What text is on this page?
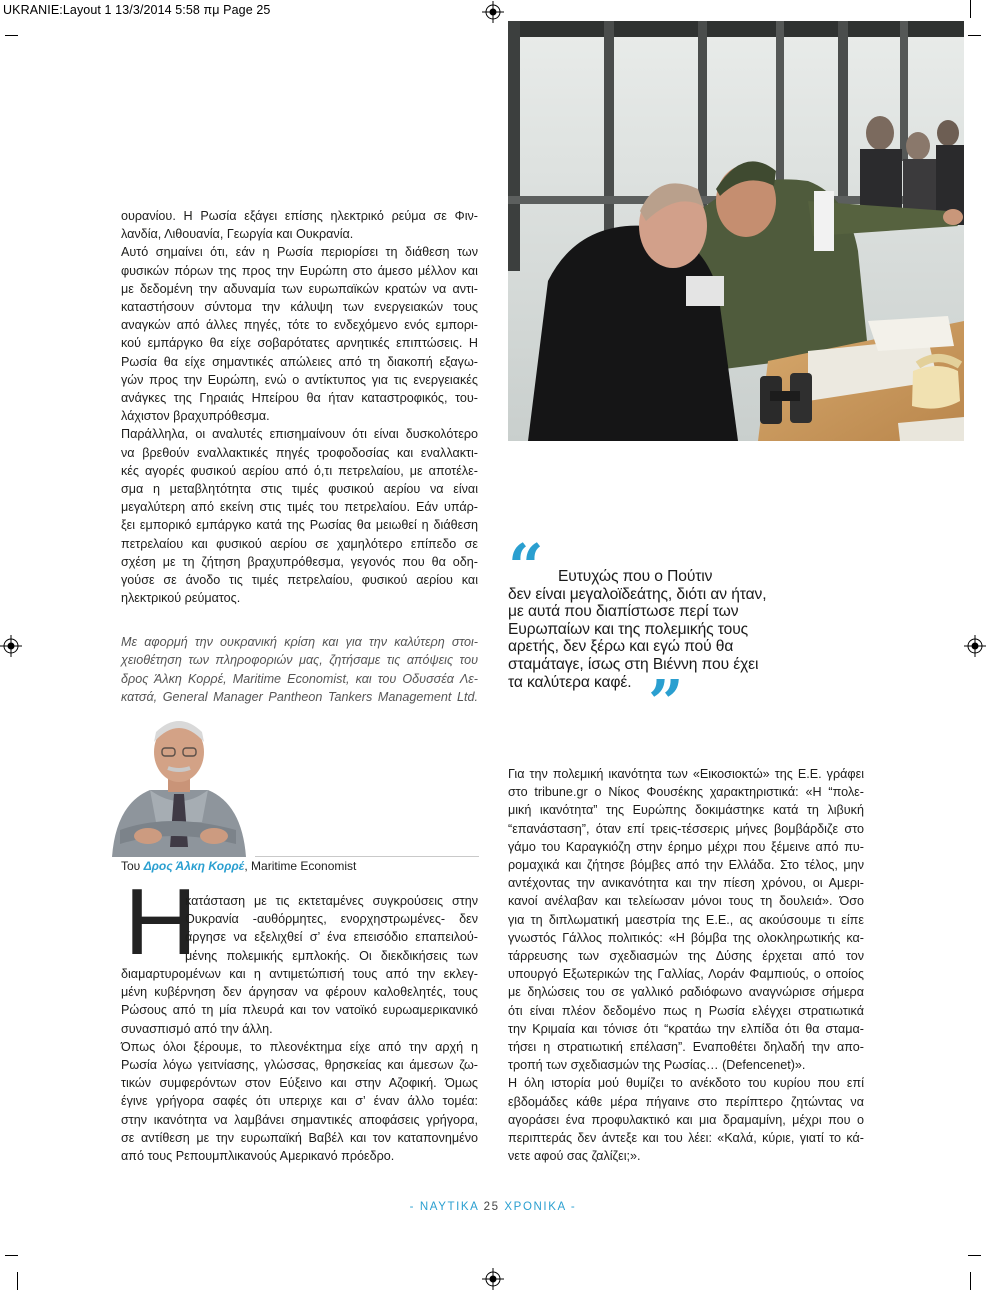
UKRANIE:Layout 1 13/3/2014 5:58 πμ Page 25

ουρανίου. Η Ρωσία εξάγει επίσης ηλεκτρικό ρεύμα σε Φιν-

λανδία, Λιθουανία, Γεωργία και Ουκρανία.

Αυτό σημαίνει ότι, εάν η Ρωσία περιορίσει τη διάθεση των

φυσικών πόρων της προς την Ευρώπη στο άμεσο μέλλον και

με δεδομένη την αδυναμία των ευρωπαϊκών κρατών να αντι-

καταστήσουν σύντομα την κάλυψη των ενεργειακών τους

αναγκών από άλλες πηγές, τότε το ενδεχόμενο ενός εμπορι-

κού εμπάργκο θα είχε σοβαρότατες αρνητικές επιπτώσεις. Η

Ρωσία θα είχε σημαντικές απώλειες από τη διακοπή εξαγω-

γών προς την Ευρώπη, ενώ ο αντίκτυπος για τις ενεργειακές

ανάγκες της Γηραιάς Ηπείρου θα ήταν καταστροφικός, του-

λάχιστον βραχυπρόθεσμα.

Παράλληλα, οι αναλυτές επισημαίνουν ότι είναι δυσκολότερο

να βρεθούν εναλλακτικές πηγές τροφοδοσίας και εναλλακτι-

κές αγορές φυσικού αερίου από ό,τι πετρελαίου, με αποτέλε-

σμα η μεταβλητότητα στις τιμές φυσικού αερίου να είναι

μεγαλύτερη από εκείνη στις τιμές του πετρελαίου. Εάν υπάρ-

ξει εμπορικό εμπάργκο κατά της Ρωσίας θα μειωθεί η διάθεση

πετρελαίου και φυσικού αερίου σε χαμηλότερο επίπεδο σε

σχέση με τη ζήτηση βραχυπρόθεσμα, γεγονός που θα οδη-

γούσε σε άνοδο τις τιμές πετρελαίου, φυσικού αερίου και

ηλεκτρικού ρεύματος.

Με αφορμή την ουκρανική κρίση και για την καλύτερη στοι-
χειοθέτηση των πληροφοριών μας, ζητήσαμε τις απόψεις του
δρος Άλκη Κορρέ, Maritime Economist, και του Οδυσσέα Λε-
κατσά, General Manager Pantheon Tankers Management Ltd.
Του Δρος Άλκη Κορρέ, Maritime Economist
Η

κατάσταση με τις εκτεταμένες συγκρούσεις στην

Ουκρανία -αυθόρμητες, ενορχηστρωμένες- δεν

άργησε να εξελιχθεί σ’ ένα επεισόδιο επαπειλού-

μένης πολεμικής εμπλοκής. Οι διεκδικήσεις των

διαμαρτυρομένων και η αντιμετώπισή τους από την εκλεγ-

μένη κυβέρνηση δεν άργησαν να φέρουν καλοθελητές, τους

Ρώσους από τη μία πλευρά και τον νατοϊκό ευρωαμερικανικό

συνασπισμό από την άλλη.

Όπως όλοι ξέρουμε, το πλεονέκτημα είχε από την αρχή η

Ρωσία λόγω γειτνίασης, γλώσσας, θρησκείας και άμεσων ζω-

τικών συμφερόντων στον Εύξεινο και στην Αζοφική. Όμως

έγινε γρήγορα σαφές ότι υπεριχε και σ’ έναν άλλο τομέα:

στην ικανότητα να λαμβάνει σημαντικές αποφάσεις γρήγορα,

σε αντίθεση με την ευρωπαϊκή Βαβέλ και τον καταπονημένο

από τους Ρεπουμπλικανούς Αμερικανό πρόεδρο.

“ Ευτυχώς που ο Πούτιν
δεν είναι μεγαλοϊδεάτης, διότι αν ήταν,
με αυτά που διαπίστωσε περί των
Ευρωπαίων και της πολεμικής τους
αρετής, δεν ξέρω και εγώ πού θα
σταμάταγε, ίσως στη Βιέννη που έχει
τα καλύτερα καφέ. ”

Για την πολεμική ικανότητα των «Εικοσιοκτώ» της Ε.Ε. γράφει

στο tribune.gr ο Νίκος Φουσέκης χαρακτηριστικά: «Η “πολε-

μική ικανότητα” της Ευρώπης δοκιμάστηκε κατά τη λιβυκή

“επανάσταση”, όταν επί τρεις-τέσσερις μήνες βομβάρδιζε στο

γάμο του Καραγκιόζη στην έρημο μέχρι που ξέμεινε από πυ-

ρομαχικά και ζήτησε βόμβες από την Ελλάδα. Στο τέλος, μην

αντέχοντας την ανικανότητα και την πίεση χρόνου, οι Αμερι-

κανοί ανέλαβαν και τελείωσαν μόνοι τους τη δουλειά». Όσο

για τη διπλωματική μαεστρία της Ε.Ε., ας ακούσουμε τι είπε

γνωστός Γάλλος πολιτικός: «Η βόμβα της ολοκληρωτικής κα-

τάρρευσης των σχεδιασμών της Δύσης έρχεται από τον

υπουργό Εξωτερικών της Γαλλίας, Λοράν Φαμπιούς, ο οποίος

με δηλώσεις του σε γαλλικό ραδιόφωνο αναγνώρισε σήμερα

ότι είναι πλέον δεδομένο πως η Ρωσία ελέγχει στρατιωτικά

την Κριμαία και τόνισε ότι “κρατάω την ελπίδα ότι θα σταμα-

τήσει η στρατιωτική επέλαση”. Εναποθέτει δηλαδή την απο-

τροπή των σχεδιασμών της Ρωσίας… (Defencenet)».

Η όλη ιστορία μού θυμίζει το ανέκδοτο του κυρίου που επί

εβδομάδες κάθε μέρα πήγαινε στο περίπτερο ζητώντας να

αγοράσει ένα προφυλακτικό και μια δραμαμίνη, μέχρι που ο

περιπτεράς δεν άντεξε και του λέει: «Καλά, κύριε, γιατί το κά-

νετε αφού σας ζαλίζει;».

- ΝΑΥΤΙΚΑ 25 ΧΡΟΝΙΚΑ -
